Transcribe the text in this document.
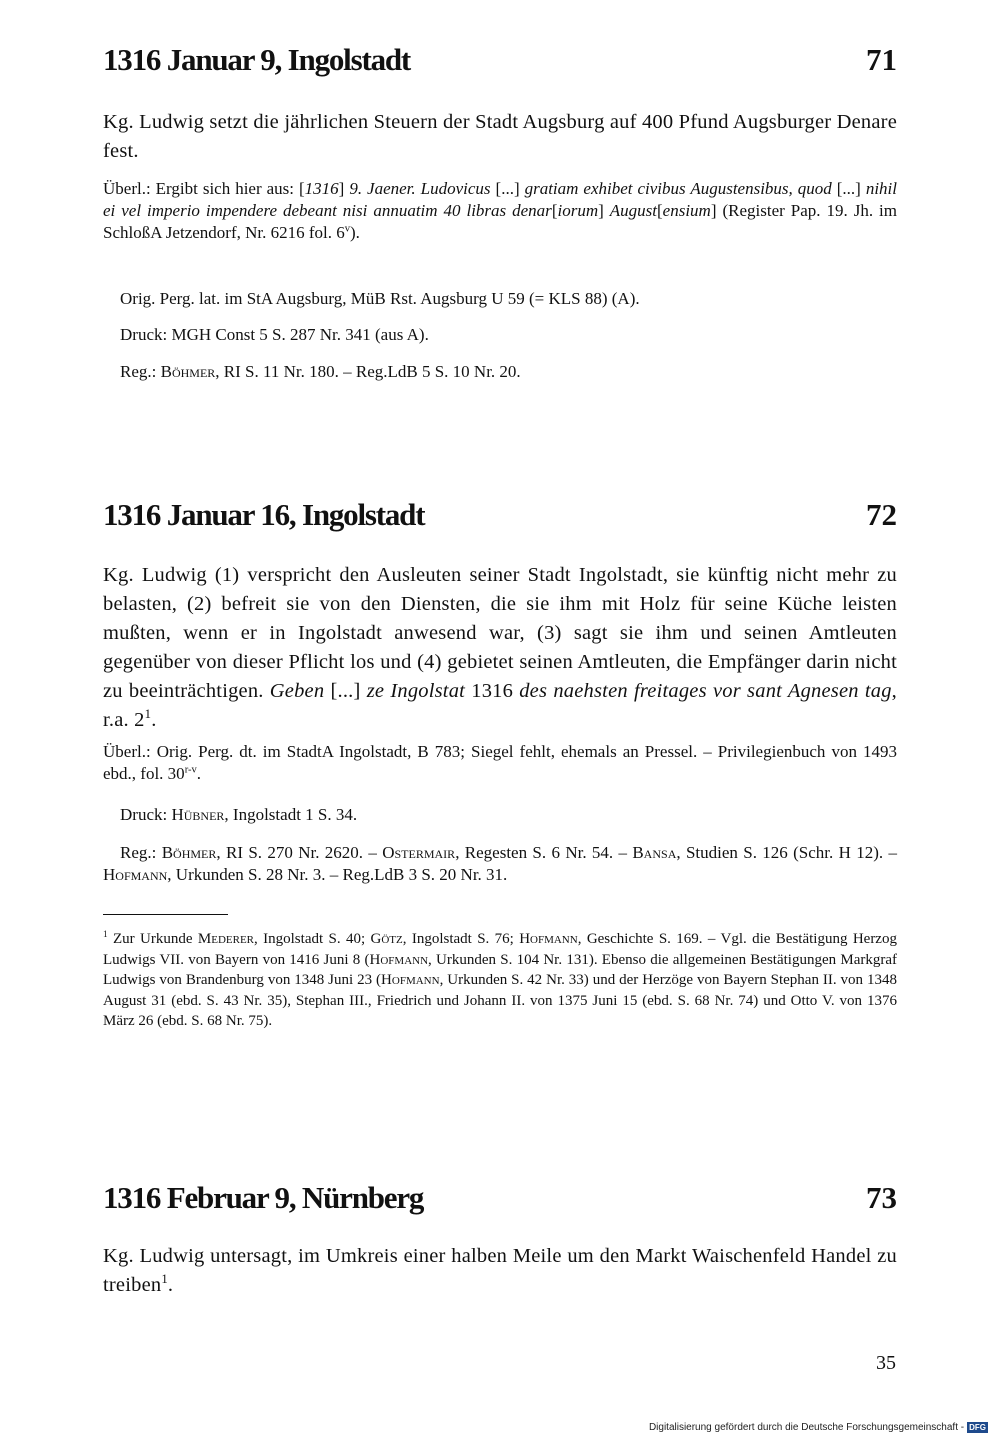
1316 Januar 9, Ingolstadt	71
Kg. Ludwig setzt die jährlichen Steuern der Stadt Augsburg auf 400 Pfund Augsburger Denare fest.
Überl.: Ergibt sich hier aus: [1316] 9. Jaener. Ludovicus [...] gratiam exhibet civibus Augustensibus, quod [...] nihil ei vel imperio impendere debeant nisi annuatim 40 libras denar[iorum] August[ensium] (Register Pap. 19. Jh. im SchloßA Jetzendorf, Nr. 6216 fol. 6$^v$).
Orig. Perg. lat. im StA Augsburg, MüB Rst. Augsburg U 59 (= KLS 88) (A).
Druck: MGH Const 5 S. 287 Nr. 341 (aus A).
Reg.: Böhmer, RI S. 11 Nr. 180. – Reg.LdB 5 S. 10 Nr. 20.
1316 Januar 16, Ingolstadt	72
Kg. Ludwig (1) verspricht den Ausleuten seiner Stadt Ingolstadt, sie künftig nicht mehr zu belasten, (2) befreit sie von den Diensten, die sie ihm mit Holz für seine Küche leisten mußten, wenn er in Ingolstadt anwesend war, (3) sagt sie ihm und seinen Amtleuten gegenüber von dieser Pflicht los und (4) gebietet seinen Amtleuten, die Empfänger darin nicht zu beeinträchtigen. Geben [...] ze Ingolstat 1316 des naehsten freitages vor sant Agnesen tag, r.a. $2^1$.
Überl.: Orig. Perg. dt. im StadtA Ingolstadt, B 783; Siegel fehlt, ehemals an Pressel. – Privilegienbuch von 1493 ebd., fol. 30$^{r-v}$.
Druck: Hübner, Ingolstadt 1 S. 34.
Reg.: Böhmer, RI S. 270 Nr. 2620. – Ostermair, Regesten S. 6 Nr. 54. – Bansa, Studien S. 126 (Schr. H 12). – Hofmann, Urkunden S. 28 Nr. 3. – Reg.LdB 3 S. 20 Nr. 31.
$^1$ Zur Urkunde Mederer, Ingolstadt S. 40; Götz, Ingolstadt S. 76; Hofmann, Geschichte S. 169. – Vgl. die Bestätigung Herzog Ludwigs VII. von Bayern von 1416 Juni 8 (Hofmann, Urkunden S. 104 Nr. 131). Ebenso die allgemeinen Bestätigungen Markgraf Ludwigs von Brandenburg von 1348 Juni 23 (Hofmann, Urkunden S. 42 Nr. 33) und der Herzöge von Bayern Stephan II. von 1348 August 31 (ebd. S. 43 Nr. 35), Stephan III., Friedrich und Johann II. von 1375 Juni 15 (ebd. S. 68 Nr. 74) und Otto V. von 1376 März 26 (ebd. S. 68 Nr. 75).
1316 Februar 9, Nürnberg	73
Kg. Ludwig untersagt, im Umkreis einer halben Meile um den Markt Waischenfeld Handel zu treiben$^1$.
35
Digitalisierung gefördert durch die Deutsche Forschungsgemeinschaft - DFG
